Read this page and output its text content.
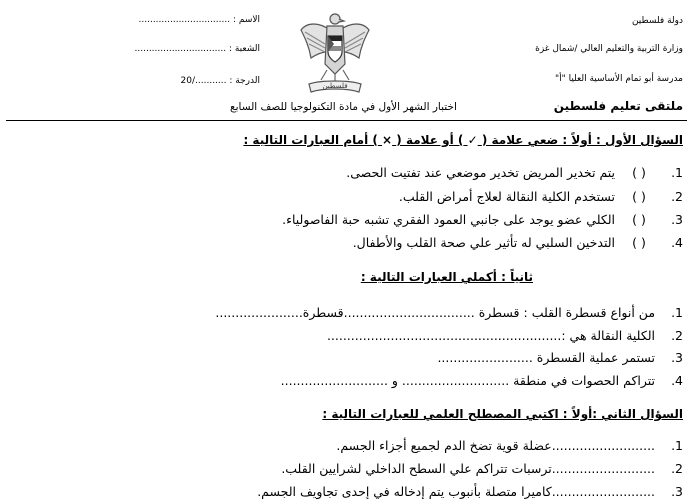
دولة فلسطين
وزارة التربية والتعليم العالي /شمال غزة
مدرسة أبو تمام الأساسية العليا "أ"
ملتقى تعليم فلسطين
الاسم : ................................
الشعبة : ................................
الدرجة : .........../20	فلسطين
اختبار الشهر الأول في مادة التكنولوجيا للصف السابع
السؤال الأول : أولاً : ضعي علامة ( ✓ ) أو علامة ( × ) أمام العبارات التالية :
1. ( ) يتم تخدير المريض تخدير موضعي عند تفتيت الحصى.
2. ( ) تستخدم الكلية النقالة لعلاج أمراض القلب.
3. ( ) الكلي عضو يوجد على جانبي العمود الفقري تشبه حبة الفاصولياء.
4. ( ) التدخين السلبي له تأثير علي صحة القلب والأطفال.
ثانياً : أكملي العبارات التالية :
1. من أنواع قسطرة القلب : قسطرة .................................قسطرة......................
2. الكلية النقالة هي :...........................................................
3. تستمر عملية القسطرة ........................
4. تتراكم الحصوات في منطقة ........................... و ...........................
السؤال الثاني :أولاً : اكتبي المصطلح العلمي للعبارات التالية :
1. ..........................عضلة قوية تضخ الدم لجميع أجزاء الجسم.
2. ..........................ترسبات تتراكم علي السطح الداخلي لشرايين القلب.
3. ..........................كاميرا متصلة بأنبوب يتم إدخاله في إحدى تجاويف الجسم.
